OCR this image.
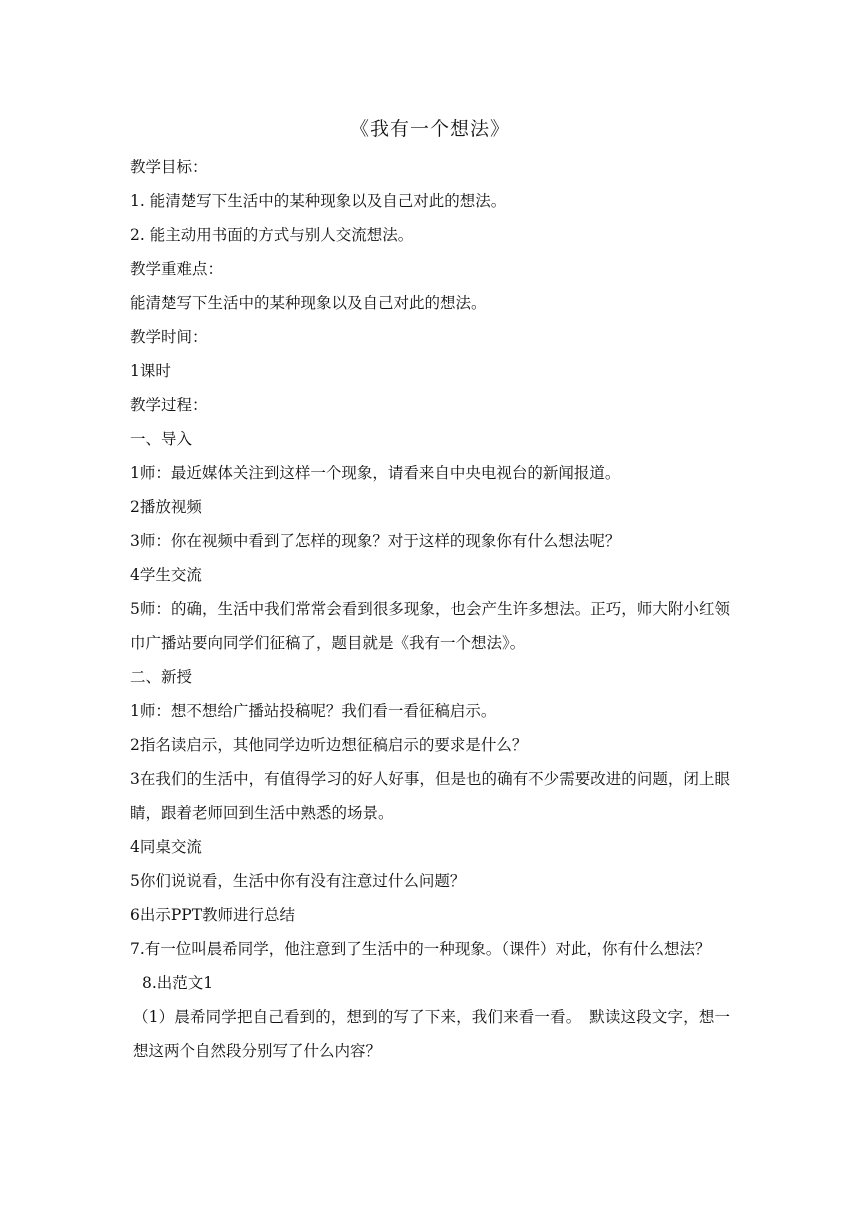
《我有一个想法》

教学目标：

1. 能清楚写下生活中的某种现象以及自己对此的想法。

2. 能主动用书面的方式与别人交流想法。

教学重难点：

能清楚写下生活中的某种现象以及自己对此的想法。

教学时间：

1课时

教学过程：

一、导入

1师：最近媒体关注到这样一个现象，请看来自中央电视台的新闻报道。

2播放视频

3师：你在视频中看到了怎样的现象？对于这样的现象你有什么想法呢？

4学生交流

5师：的确，生活中我们常常会看到很多现象，也会产生许多想法。正巧，师大附小红领巾广播站要向同学们征稿了，题目就是《我有一个想法》。

二、新授

1师：想不想给广播站投稿呢？我们看一看征稿启示。

2指名读启示，其他同学边听边想征稿启示的要求是什么？

3在我们的生活中，有值得学习的好人好事，但是也的确有不少需要改进的问题，闭上眼睛，跟着老师回到生活中熟悉的场景。

4同桌交流

5你们说说看，生活中你有没有注意过什么问题？

6出示PPT教师进行总结

7.有一位叫晨希同学，他注意到了生活中的一种现象。（课件）对此，你有什么想法？

8.出范文1

（1）晨希同学把自己看到的，想到的写了下来，我们来看一看。　默读这段文字，想一想这两个自然段分别写了什么内容？
